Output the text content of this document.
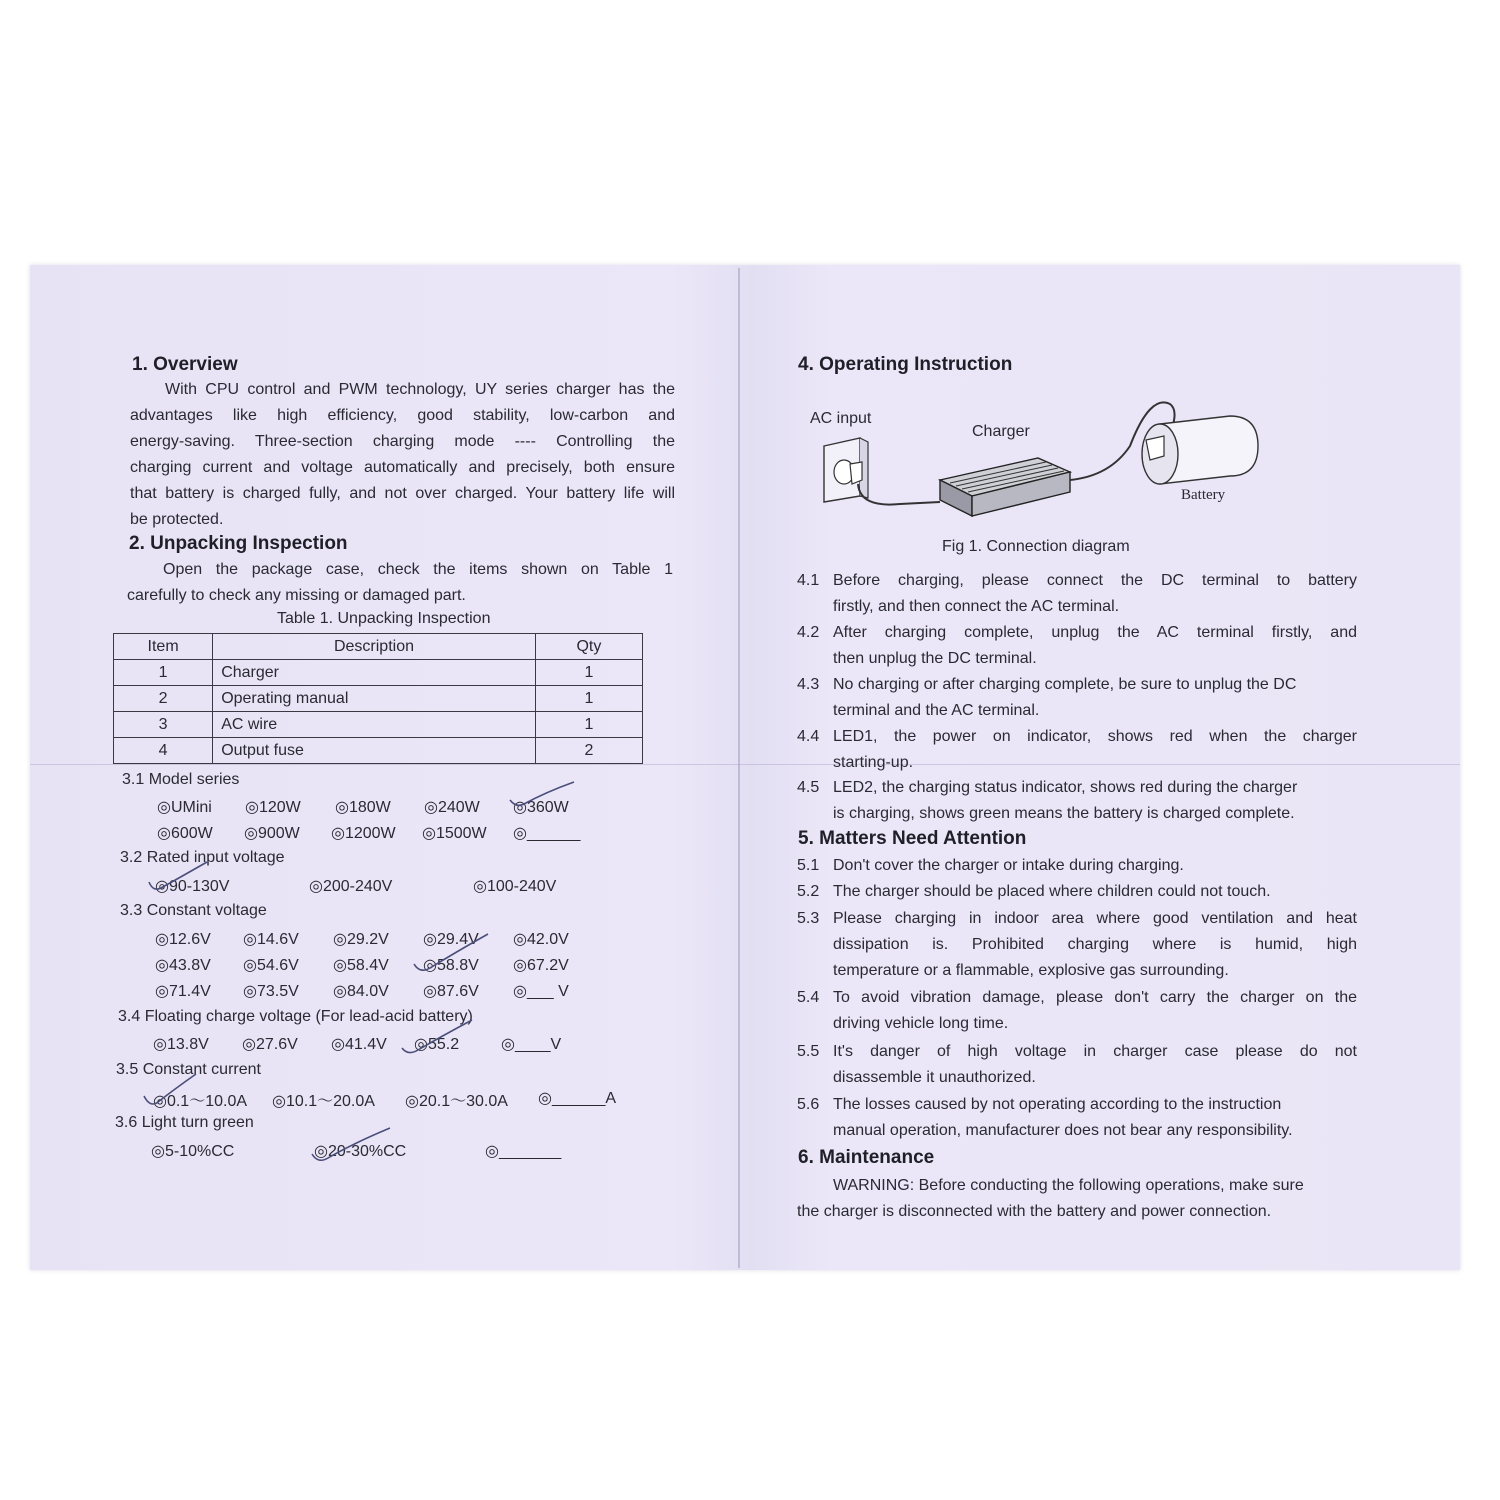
1. Overview
With CPU control and PWM technology, UY series charger has the
advantages like high efficiency, good stability, low-carbon and
energy-saving. Three-section charging mode ---- Controlling the
charging current and voltage automatically and precisely, both ensure
that battery is charged fully, and not over charged. Your battery life will
be protected.
2. Unpacking Inspection
Open the package case, check the items shown on Table 1
carefully to check any missing or damaged part.
Table 1. Unpacking Inspection
Item	Description	Qty
1	Charger	1
2	Operating manual	1
3	AC wire	1
4	Output fuse	2
3.1 Model series
◎UMini ◎120W ◎180W ◎240W ◎360W
◎600W ◎900W ◎1200W ◎1500W ◎______
3.2 Rated input voltage
◎90-130V	◎200-240V	◎100-240V
3.3 Constant voltage
◎12.6V ◎14.6V ◎29.2V ◎29.4V ◎42.0V
◎43.8V ◎54.6V ◎58.4V ◎58.8V ◎67.2V
◎71.4V ◎73.5V ◎84.0V ◎87.6V ◎___ V
3.4 Floating charge voltage (For lead-acid battery)
◎13.8V ◎27.6V ◎41.4V ◎55.2	◎____V
3.5 Constant current
◎0.1～10.0A ◎10.1～20.0A ◎20.1～30.0A ◎______A
3.6 Light turn green
◎5-10%CC	◎20-30%CC	◎_______
4. Operating Instruction
AC input
Charger
Battery
Fig 1. Connection diagram
4.1 Before charging, please connect the DC terminal to battery
firstly, and then connect the AC terminal.
4.2 After charging complete, unplug the AC terminal firstly, and
then unplug the DC terminal.
4.3 No charging or after charging complete, be sure to unplug the DC
terminal and the AC terminal.
4.4 LED1, the power on indicator, shows red when the charger
starting-up.
4.5 LED2, the charging status indicator, shows red during the charger
is charging, shows green means the battery is charged complete.
5. Matters Need Attention
5.1 Don't cover the charger or intake during charging.
5.2 The charger should be placed where children could not touch.
5.3 Please charging in indoor area where good ventilation and heat
dissipation is. Prohibited charging where is humid, high
temperature or a flammable, explosive gas surrounding.
5.4 To avoid vibration damage, please don't carry the charger on the
driving vehicle long time.
5.5 It's danger of high voltage in charger case please do not
disassemble it unauthorized.
5.6 The losses caused by not operating according to the instruction
manual operation, manufacturer does not bear any responsibility.
6. Maintenance
WARNING: Before conducting the following operations, make sure
the charger is disconnected with the battery and power connection.
